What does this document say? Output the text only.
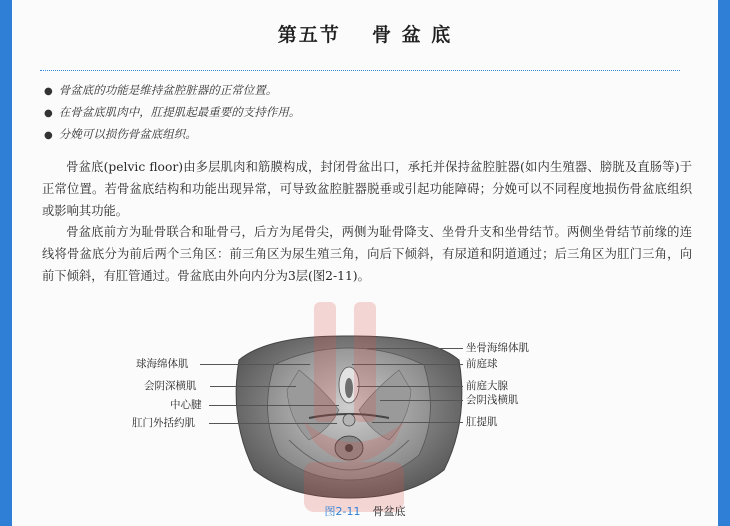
第五节 骨 盆 底
● 骨盆底的功能是维持盆腔脏器的正常位置。
● 在骨盆底肌肉中，肛提肌起最重要的支持作用。
● 分娩可以损伤骨盆底组织。
骨盆底(pelvic floor)由多层肌肉和筋膜构成，封闭骨盆出口，承托并保持盆腔脏器(如内生殖器、膀胱及直肠等)于正常位置。若骨盆底结构和功能出现异常，可导致盆腔脏器脱垂或引起功能障碍；分娩可以不同程度地损伤骨盆底组织或影响其功能。
骨盆底前方为耻骨联合和耻骨弓，后方为尾骨尖，两侧为耻骨降支、坐骨升支和坐骨结节。两侧坐骨结节前缘的连线将骨盆底分为前后两个三角区：前三角区为尿生殖三角，向后下倾斜，有尿道和阴道通过；后三角区为肛门三角，向前下倾斜，有肛管通过。骨盆底由外向内分为3层(图2-11)。
球海绵体肌
会阴深横肌
中心腱
肛门外括约肌
坐骨海绵体肌
前庭球
前庭大腺
会阴浅横肌
肛提肌
图2-11 骨盆底
